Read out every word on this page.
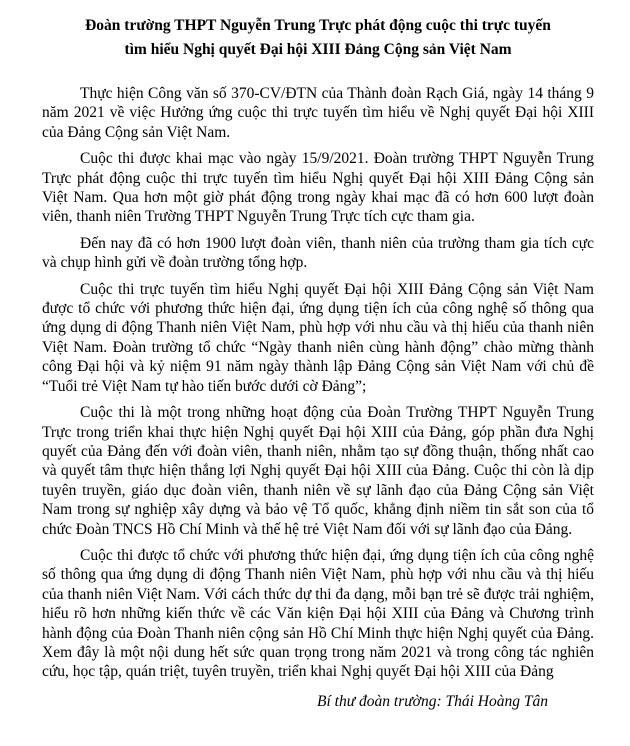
Đoàn trường THPT Nguyễn Trung Trực phát động cuộc thi trực tuyến
tìm hiểu Nghị quyết Đại hội XIII Đảng Cộng sản Việt Nam

Thực hiện Công văn số 370-CV/ĐTN của Thành đoàn Rạch Giá, ngày 14 tháng 9 năm 2021 về việc Hưởng ứng cuộc thi trực tuyến tìm hiểu về Nghị quyết Đại hội XIII của Đảng Cộng sản Việt Nam.

Cuộc thi được khai mạc vào ngày 15/9/2021. Đoàn trường THPT Nguyễn Trung Trực phát động cuộc thi trực tuyến tìm hiểu Nghị quyết Đại hội XIII Đảng Cộng sản Việt Nam. Qua hơn một giờ phát động trong ngày khai mạc đã có hơn 600 lượt đoàn viên, thanh niên Trường THPT Nguyễn Trung Trực tích cực tham gia.

Đến nay đã có hơn 1900 lượt đoàn viên, thanh niên của trường tham gia tích cực và chụp hình gửi về đoàn trường tổng hợp.

Cuộc thi trực tuyến tìm hiểu Nghị quyết Đại hội XIII Đảng Cộng sản Việt Nam được tổ chức với phương thức hiện đại, ứng dụng tiện ích của công nghệ số thông qua ứng dụng di động Thanh niên Việt Nam, phù hợp với nhu cầu và thị hiếu của thanh niên Việt Nam. Đoàn trường tổ chức “Ngày thanh niên cùng hành động” chào mừng thành công Đại hội và kỷ niệm 91 năm ngày thành lập Đảng Cộng sản Việt Nam với chủ đề “Tuổi trẻ Việt Nam tự hào tiến bước dưới cờ Đảng”;

Cuộc thi là một trong những hoạt động của Đoàn Trường THPT Nguyễn Trung Trực trong triển khai thực hiện Nghị quyết Đại hội XIII của Đảng, góp phần đưa Nghị quyết của Đảng đến với đoàn viên, thanh niên, nhằm tạo sự đồng thuận, thống nhất cao và quyết tâm thực hiện thắng lợi Nghị quyết Đại hội XIII của Đảng. Cuộc thi còn là dịp tuyên truyền, giáo dục đoàn viên, thanh niên về sự lãnh đạo của Đảng Cộng sản Việt Nam trong sự nghiệp xây dựng và bảo vệ Tổ quốc, khẳng định niềm tin sắt son của tổ chức Đoàn TNCS Hồ Chí Minh và thế hệ trẻ Việt Nam đối với sự lãnh đạo của Đảng.

Cuộc thi được tổ chức với phương thức hiện đại, ứng dụng tiện ích của công nghệ số thông qua ứng dụng di động Thanh niên Việt Nam, phù hợp với nhu cầu và thị hiếu của thanh niên Việt Nam. Với cách thức dự thi đa dạng, mỗi bạn trẻ sẽ được trải nghiệm, hiểu rõ hơn những kiến thức về các Văn kiện Đại hội XIII của Đảng và Chương trình hành động của Đoàn Thanh niên cộng sản Hồ Chí Minh thực hiện Nghị quyết của Đảng. Xem đây là một nội dung hết sức quan trọng trong năm 2021 và trong công tác nghiên cứu, học tập, quán triệt, tuyên truyền, triển khai Nghị quyết Đại hội XIII của Đảng

Bí thư đoàn trường: Thái Hoàng Tân
